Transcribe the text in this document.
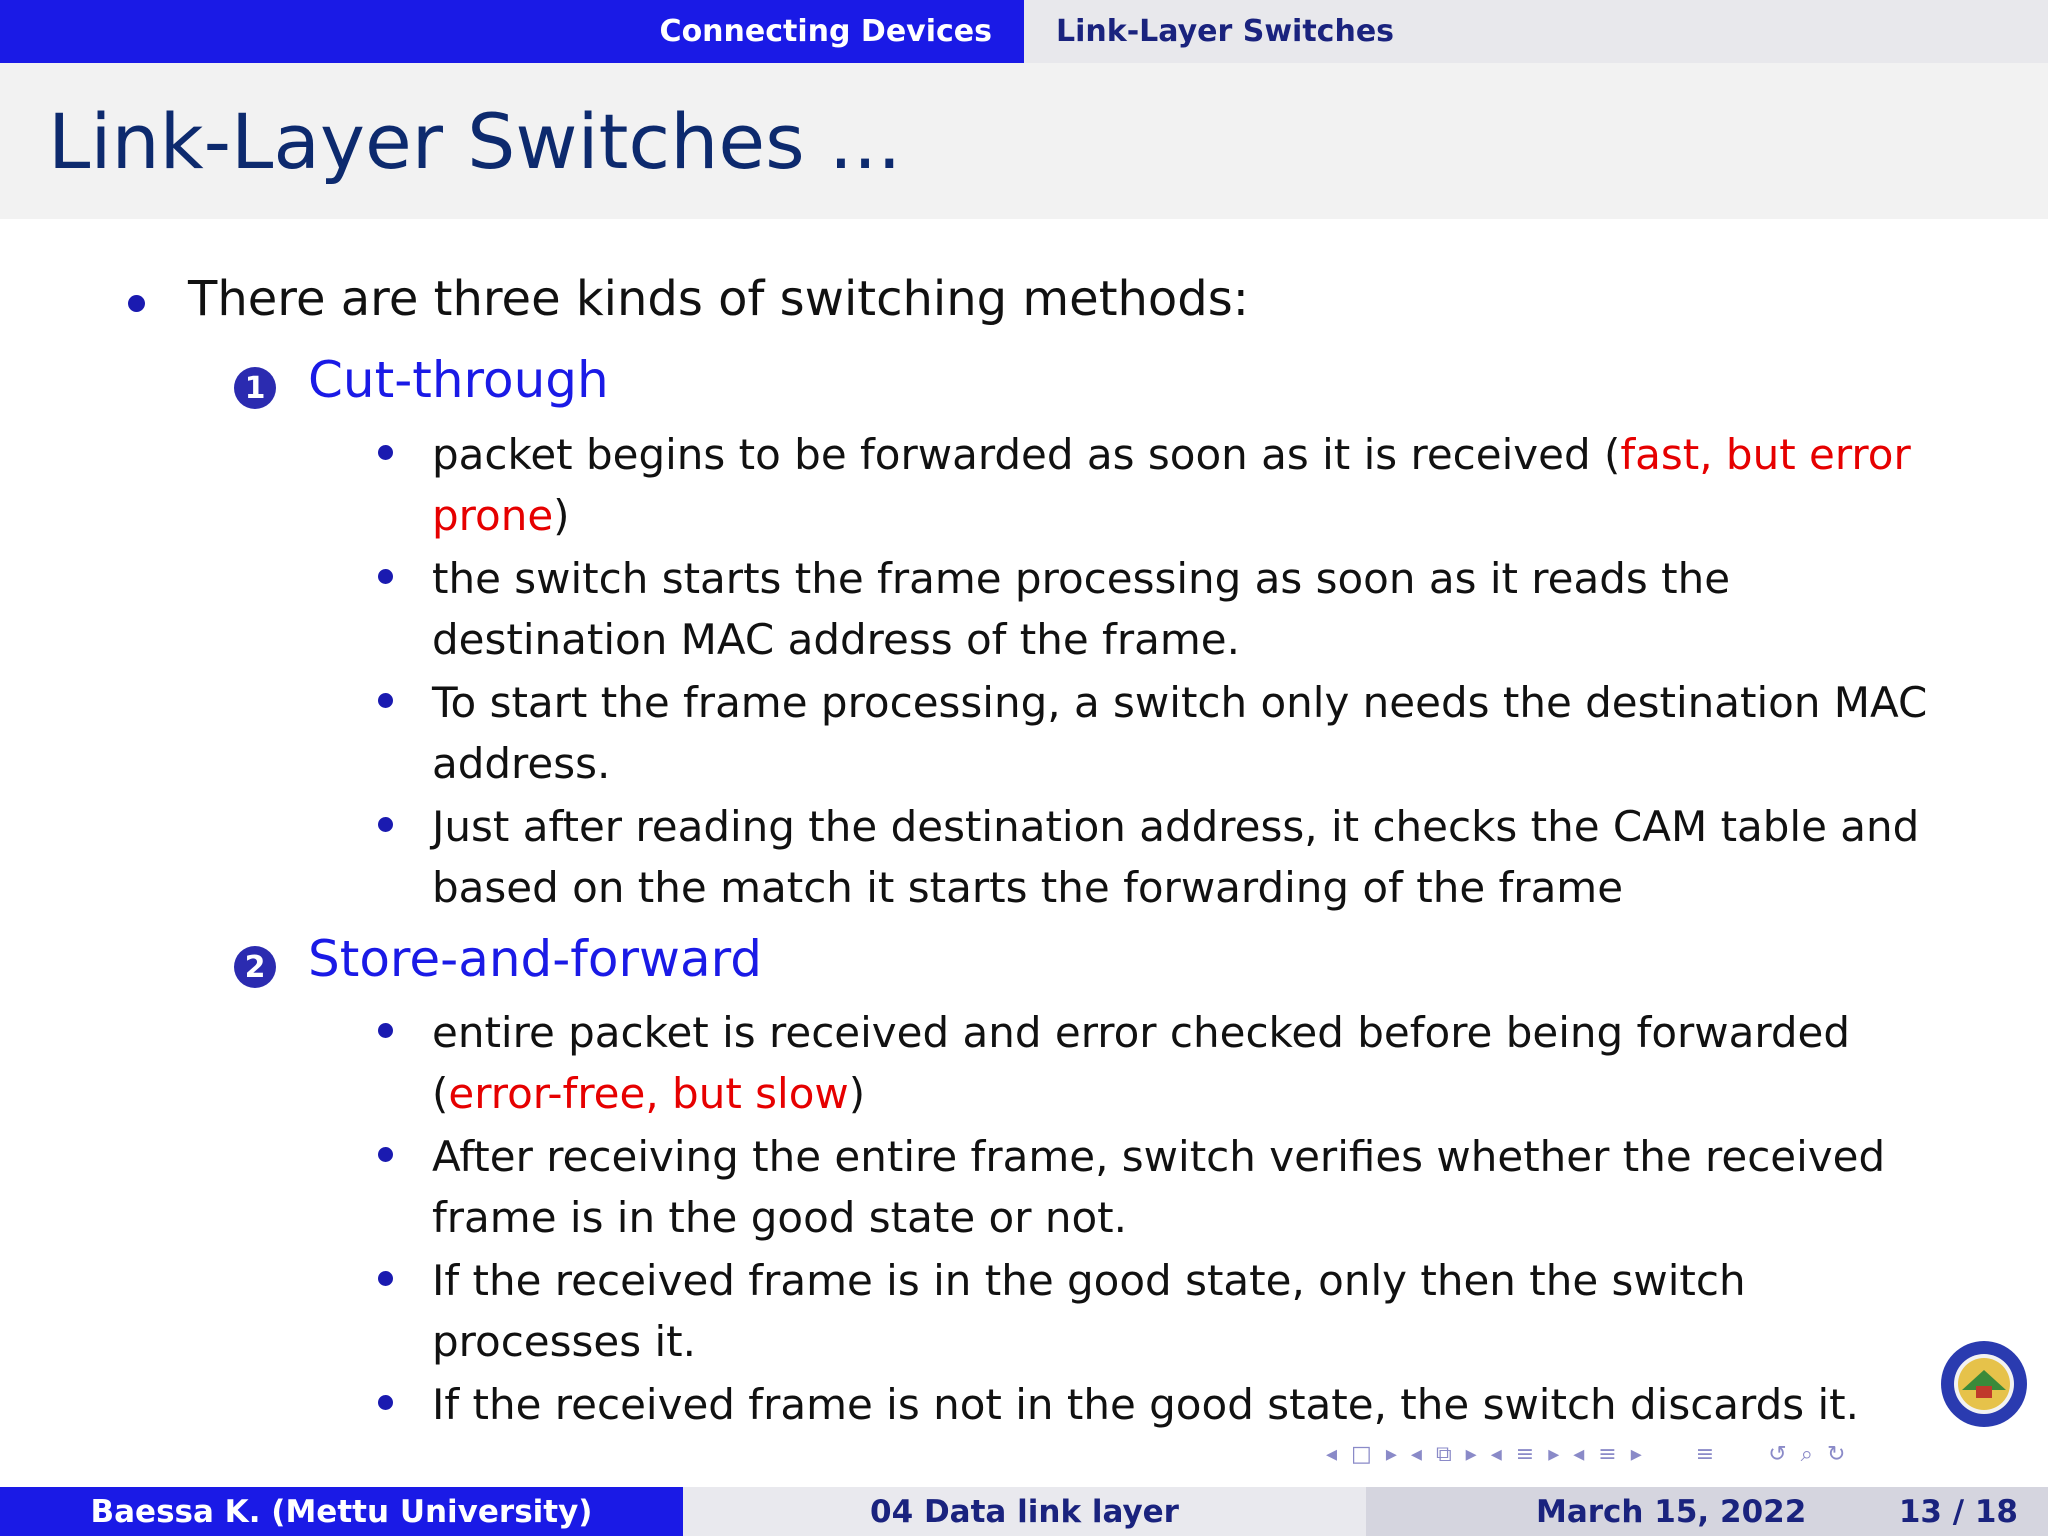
Connecting Devices Link-Layer Switches
Link-Layer Switches ...
There are three kinds of switching methods:
1 Cut-through
packet begins to be forwarded as soon as it is received (fast, but error
prone)
the switch starts the frame processing as soon as it reads the
destination MAC address of the frame.
To start the frame processing, a switch only needs the destination MAC
address.
Just after reading the destination address, it checks the CAM table and
based on the match it starts the forwarding of the frame
2 Store-and-forward
entire packet is received and error checked before being forwarded
(error-free, but slow)
After receiving the entire frame, switch verifies whether the received
frame is in the good state or not.
If the received frame is in the good state, only then the switch
processes it.
If the received frame is not in the good state, the switch discards it.
◂ □ ▸ ◂ ⧉ ▸ ◂ ≡ ▸ ◂ ≡ ▸ ≡ ↺ ⌕ ↻
Baessa K. (Mettu University)	04 Data link layer	March 15, 2022	13 / 18
